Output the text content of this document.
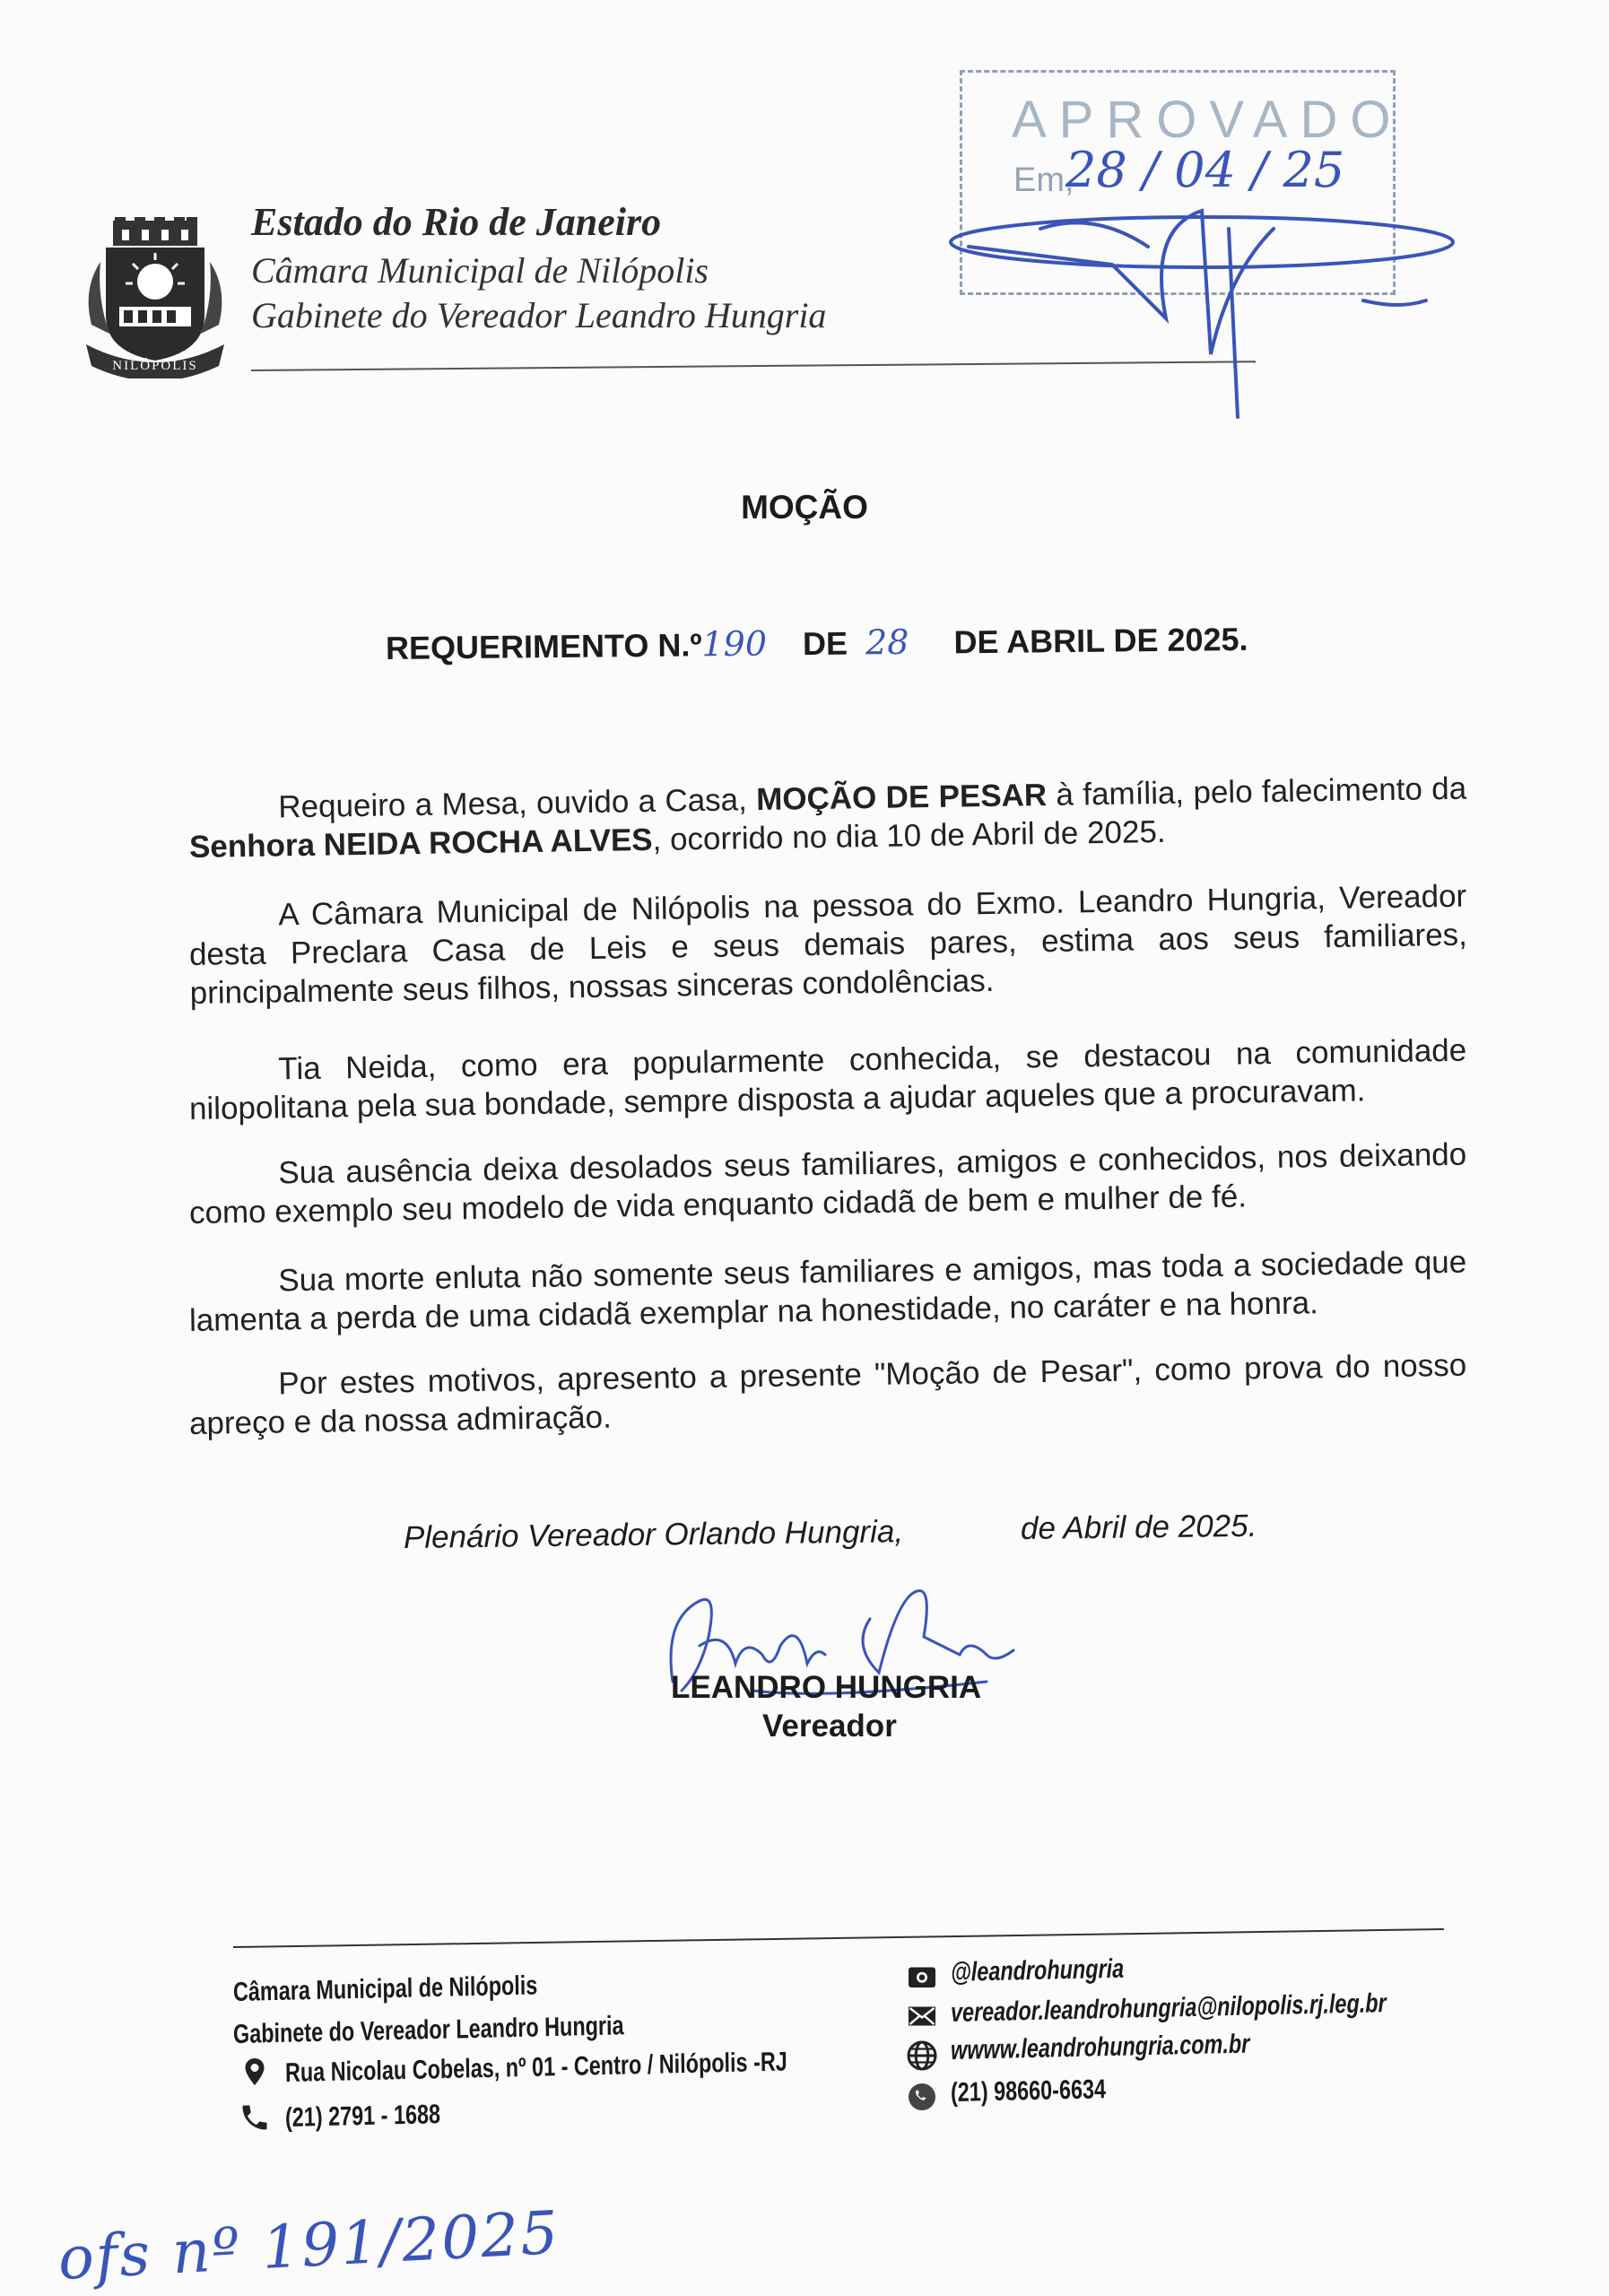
NILÓPOLIS
Estado do Rio de Janeiro
Câmara Municipal de Nilópolis
Gabinete do Vereador Leandro Hungria
APROVADO
Em,
28 / 04 / 25
MOÇÃO
REQUERIMENTO N.º190 DE 28 DE ABRIL DE 2025.
Requeiro a Mesa, ouvido a Casa, MOÇÃO DE PESAR à família, pelo falecimento da Senhora NEIDA ROCHA ALVES, ocorrido no dia 10 de Abril de 2025.
A Câmara Municipal de Nilópolis na pessoa do Exmo. Leandro Hungria, Vereador desta Preclara Casa de Leis e seus demais pares, estima aos seus familiares, principalmente seus filhos, nossas sinceras condolências.
Tia Neida, como era popularmente conhecida, se destacou na comunidade nilopolitana pela sua bondade, sempre disposta a ajudar aqueles que a procuravam.
Sua ausência deixa desolados seus familiares, amigos e conhecidos, nos deixando como exemplo seu modelo de vida enquanto cidadã de bem e mulher de fé.
Sua morte enluta não somente seus familiares e amigos, mas toda a sociedade que lamenta a perda de uma cidadã exemplar na honestidade, no caráter e na honra.
Por estes motivos, apresento a presente "Moção de Pesar", como prova do nosso apreço e da nossa admiração.
Plenário Vereador Orlando Hungria,	de Abril de 2025.
LEANDRO HUNGRIA
Vereador
Câmara Municipal de Nilópolis
Gabinete do Vereador Leandro Hungria
Rua Nicolau Cobelas, nº 01 - Centro / Nilópolis -RJ
(21) 2791 - 1688
@leandrohungria
vereador.leandrohungria@nilopolis.rj.leg.br
wwww.leandrohungria.com.br
(21) 98660-6634
ofs nº 191/2025
